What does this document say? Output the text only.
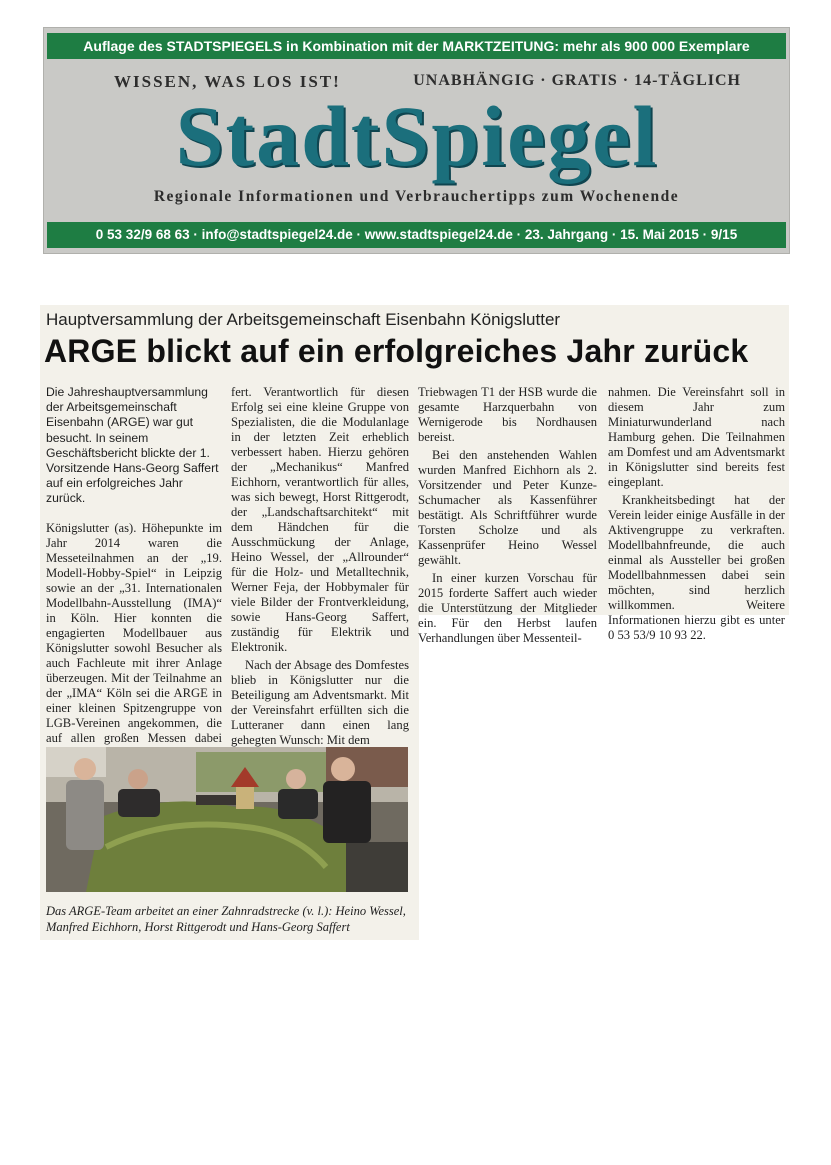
Auflage des STADTSPIEGELS in Kombination mit der MARKTZEITUNG: mehr als 900 000 Exemplare
WISSEN, WAS LOS IST!	UNABHÄNGIG · GRATIS · 14-TÄGLICH
StadtSpiegel
Regionale Informationen und Verbrauchertipps zum Wochenende
0 53 32/9 68 63 · info@stadtspiegel24.de · www.stadtspiegel24.de · 23. Jahrgang · 15. Mai 2015 · 9/15
Hauptversammlung der Arbeitsgemeinschaft Eisenbahn Königslutter
ARGE blickt auf ein erfolgreiches Jahr zurück

Die Jahreshauptversammlung der Arbeitsgemeinschaft Eisenbahn (ARGE) war gut besucht. In seinem Geschäftsbericht blickte der 1. Vorsitzende Hans-Georg Saffert auf ein erfolgreiches Jahr zurück.

Königslutter (as). Höhepunkte im Jahr 2014 waren die Messeteilnahmen an der „19. Modell-Hobby-Spiel“ in Leipzig sowie an der „31. Internationalen Modellbahn-Ausstellung (IMA)“ in Köln. Hier konnten die engagierten Modellbauer aus Königslutter sowohl Besucher als auch Fachleute mit ihrer Anlage überzeugen. Mit der Teilnahme an der „IMA“ Köln sei die ARGE in einer kleinen Spitzengruppe von LGB-Vereinen angekommen, die auf allen großen Messen dabei

fert. Verantwortlich für diesen Erfolg sei eine kleine Gruppe von Spezialisten, die die Modulanlage in der letzten Zeit erheblich verbessert haben. Hierzu gehören der „Mechanikus“ Manfred Eichhorn, verantwortlich für alles, was sich bewegt, Horst Rittgerodt, der „Landschaftsarchitekt“ mit dem Händchen für die Ausschmückung der Anlage, Heino Wessel, der „Allrounder“ für die Holz- und Metalltechnik, Werner Feja, der Hobbymaler für viele Bilder der Frontverkleidung, sowie Hans-Georg Saffert, zuständig für Elektrik und Elektronik.

Nach der Absage des Domfestes blieb in Königslutter nur die Beteiligung am Adventsmarkt. Mit der Vereinsfahrt erfüllten sich die Lutteraner dann einen lang gehegten Wunsch: Mit dem

Triebwagen T1 der HSB wurde die gesamte Harzquerbahn von Wernigerode bis Nordhausen bereist.

Bei den anstehenden Wahlen wurden Manfred Eichhorn als 2. Vorsitzender und Peter Kunze-Schumacher als Kassenführer bestätigt. Als Schriftführer wurde Torsten Scholze und als Kassenprüfer Heino Wessel gewählt.

In einer kurzen Vorschau für 2015 forderte Saffert auch wieder die Unterstützung der Mitglieder ein. Für den Herbst laufen Verhandlungen über Messenteil-

nahmen. Die Vereinsfahrt soll in diesem Jahr zum Miniaturwunderland nach Hamburg gehen. Die Teilnahmen am Domfest und am Adventsmarkt in Königslutter sind bereits fest eingeplant.

Krankheitsbedingt hat der Verein leider einige Ausfälle in der Aktivengruppe zu verkraften. Modellbahnfreunde, die auch einmal als Aussteller bei großen Modellbahnmessen dabei sein möchten, sind herzlich willkommen. Weitere Informationen hierzu gibt es unter 0 53 53/9 10 93 22.

Das ARGE-Team arbeitet an einer Zahnradstrecke (v. l.): Heino Wessel, Manfred Eichhorn, Horst Rittgerodt und Hans-Georg Saffert
